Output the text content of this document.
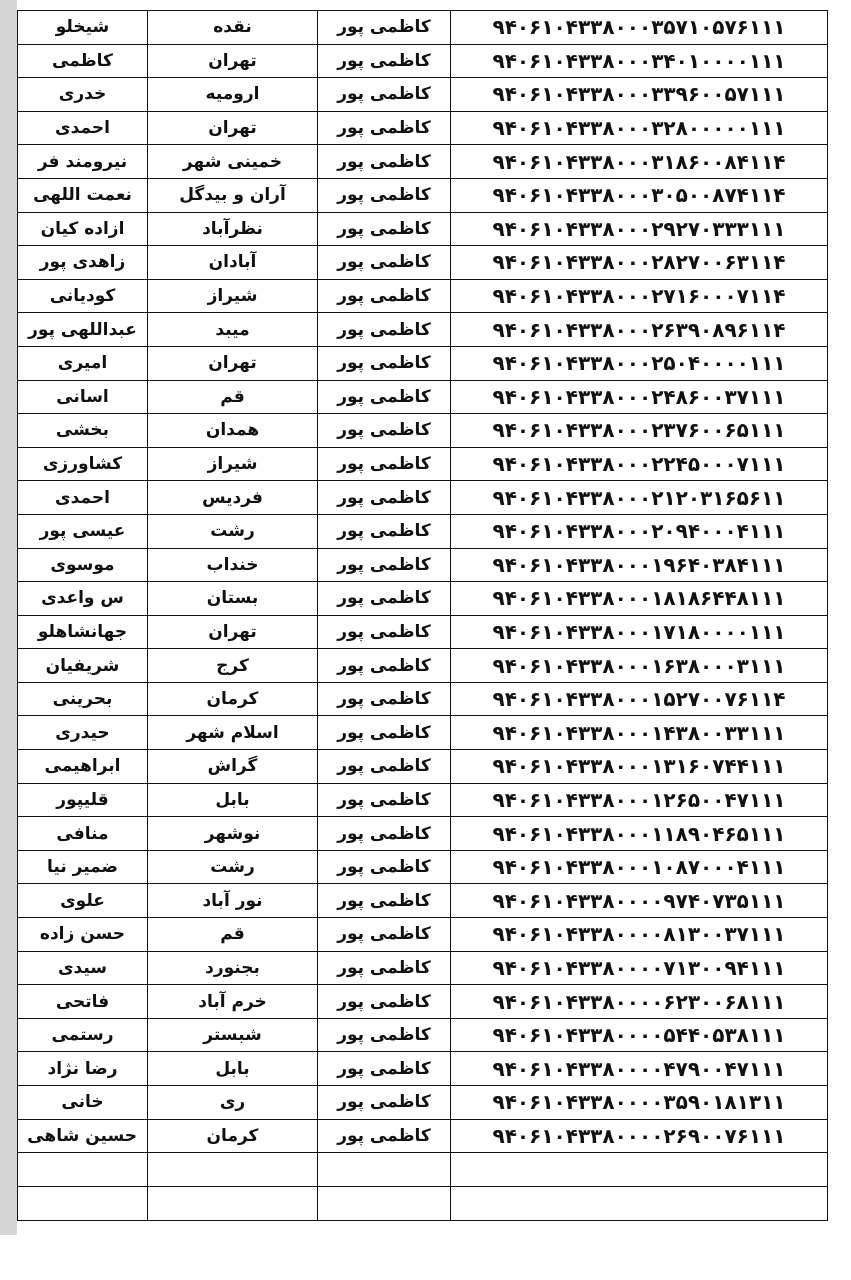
۹۴۰۶۱۰۴۳۳۸۰۰۰۳۵۷۱۰۵۷۶۱۱۱	کاظمی پور	نقده	شیخلو
۹۴۰۶۱۰۴۳۳۸۰۰۰۳۴۰۱۰۰۰۰۱۱۱	کاظمی پور	تهران	کاظمی
۹۴۰۶۱۰۴۳۳۸۰۰۰۳۳۹۶۰۰۵۷۱۱۱	کاظمی پور	ارومیه	خدری
۹۴۰۶۱۰۴۳۳۸۰۰۰۳۲۸۰۰۰۰۰۱۱۱	کاظمی پور	تهران	احمدی
۹۴۰۶۱۰۴۳۳۸۰۰۰۳۱۸۶۰۰۸۴۱۱۴	کاظمی پور	خمینی شهر	نیرومند فر
۹۴۰۶۱۰۴۳۳۸۰۰۰۳۰۵۰۰۸۷۴۱۱۴	کاظمی پور	آران و بیدگل	نعمت اللهی
۹۴۰۶۱۰۴۳۳۸۰۰۰۲۹۲۷۰۳۳۳۱۱۱	کاظمی پور	نظرآباد	ازاده کیان
۹۴۰۶۱۰۴۳۳۸۰۰۰۲۸۲۷۰۰۶۳۱۱۴	کاظمی پور	آبادان	زاهدی پور
۹۴۰۶۱۰۴۳۳۸۰۰۰۲۷۱۶۰۰۰۷۱۱۴	کاظمی پور	شیراز	کودیانی
۹۴۰۶۱۰۴۳۳۸۰۰۰۲۶۳۹۰۸۹۶۱۱۴	کاظمی پور	میبد	عبداللهی پور
۹۴۰۶۱۰۴۳۳۸۰۰۰۲۵۰۴۰۰۰۰۱۱۱	کاظمی پور	تهران	امیری
۹۴۰۶۱۰۴۳۳۸۰۰۰۲۴۸۶۰۰۳۷۱۱۱	کاظمی پور	قم	اسانی
۹۴۰۶۱۰۴۳۳۸۰۰۰۲۳۷۶۰۰۶۵۱۱۱	کاظمی پور	همدان	بخشی
۹۴۰۶۱۰۴۳۳۸۰۰۰۲۲۴۵۰۰۰۷۱۱۱	کاظمی پور	شیراز	کشاورزی
۹۴۰۶۱۰۴۳۳۸۰۰۰۲۱۲۰۳۱۶۵۶۱۱	کاظمی پور	فردیس	احمدی
۹۴۰۶۱۰۴۳۳۸۰۰۰۲۰۹۴۰۰۰۴۱۱۱	کاظمی پور	رشت	عیسی پور
۹۴۰۶۱۰۴۳۳۸۰۰۰۱۹۶۴۰۳۸۴۱۱۱	کاظمی پور	خنداب	موسوی
۹۴۰۶۱۰۴۳۳۸۰۰۰۱۸۱۸۶۴۴۸۱۱۱	کاظمی پور	بستان	س واعدی
۹۴۰۶۱۰۴۳۳۸۰۰۰۱۷۱۸۰۰۰۰۱۱۱	کاظمی پور	تهران	جهانشاهلو
۹۴۰۶۱۰۴۳۳۸۰۰۰۱۶۳۸۰۰۰۳۱۱۱	کاظمی پور	کرج	شریفیان
۹۴۰۶۱۰۴۳۳۸۰۰۰۱۵۲۷۰۰۷۶۱۱۴	کاظمی پور	کرمان	بحرینی
۹۴۰۶۱۰۴۳۳۸۰۰۰۱۴۳۸۰۰۳۳۱۱۱	کاظمی پور	اسلام شهر	حیدری
۹۴۰۶۱۰۴۳۳۸۰۰۰۱۳۱۶۰۷۴۴۱۱۱	کاظمی پور	گراش	ابراهیمی
۹۴۰۶۱۰۴۳۳۸۰۰۰۱۲۶۵۰۰۴۷۱۱۱	کاظمی پور	بابل	قلیپور
۹۴۰۶۱۰۴۳۳۸۰۰۰۱۱۸۹۰۴۶۵۱۱۱	کاظمی پور	نوشهر	منافی
۹۴۰۶۱۰۴۳۳۸۰۰۰۱۰۸۷۰۰۰۴۱۱۱	کاظمی پور	رشت	ضمیر نیا
۹۴۰۶۱۰۴۳۳۸۰۰۰۰۹۷۴۰۷۳۵۱۱۱	کاظمی پور	نور آباد	علوی
۹۴۰۶۱۰۴۳۳۸۰۰۰۰۸۱۳۰۰۳۷۱۱۱	کاظمی پور	قم	حسن زاده
۹۴۰۶۱۰۴۳۳۸۰۰۰۰۷۱۳۰۰۹۴۱۱۱	کاظمی پور	بجنورد	سیدی
۹۴۰۶۱۰۴۳۳۸۰۰۰۰۶۲۳۰۰۶۸۱۱۱	کاظمی پور	خرم آباد	فاتحی
۹۴۰۶۱۰۴۳۳۸۰۰۰۰۵۴۴۰۵۳۸۱۱۱	کاظمی پور	شبستر	رستمی
۹۴۰۶۱۰۴۳۳۸۰۰۰۰۴۷۹۰۰۴۷۱۱۱	کاظمی پور	بابل	رضا نژاد
۹۴۰۶۱۰۴۳۳۸۰۰۰۰۳۵۹۰۱۸۱۳۱۱	کاظمی پور	ری	خانی
۹۴۰۶۱۰۴۳۳۸۰۰۰۰۲۶۹۰۰۷۶۱۱۱	کاظمی پور	کرمان	حسین شاهی
